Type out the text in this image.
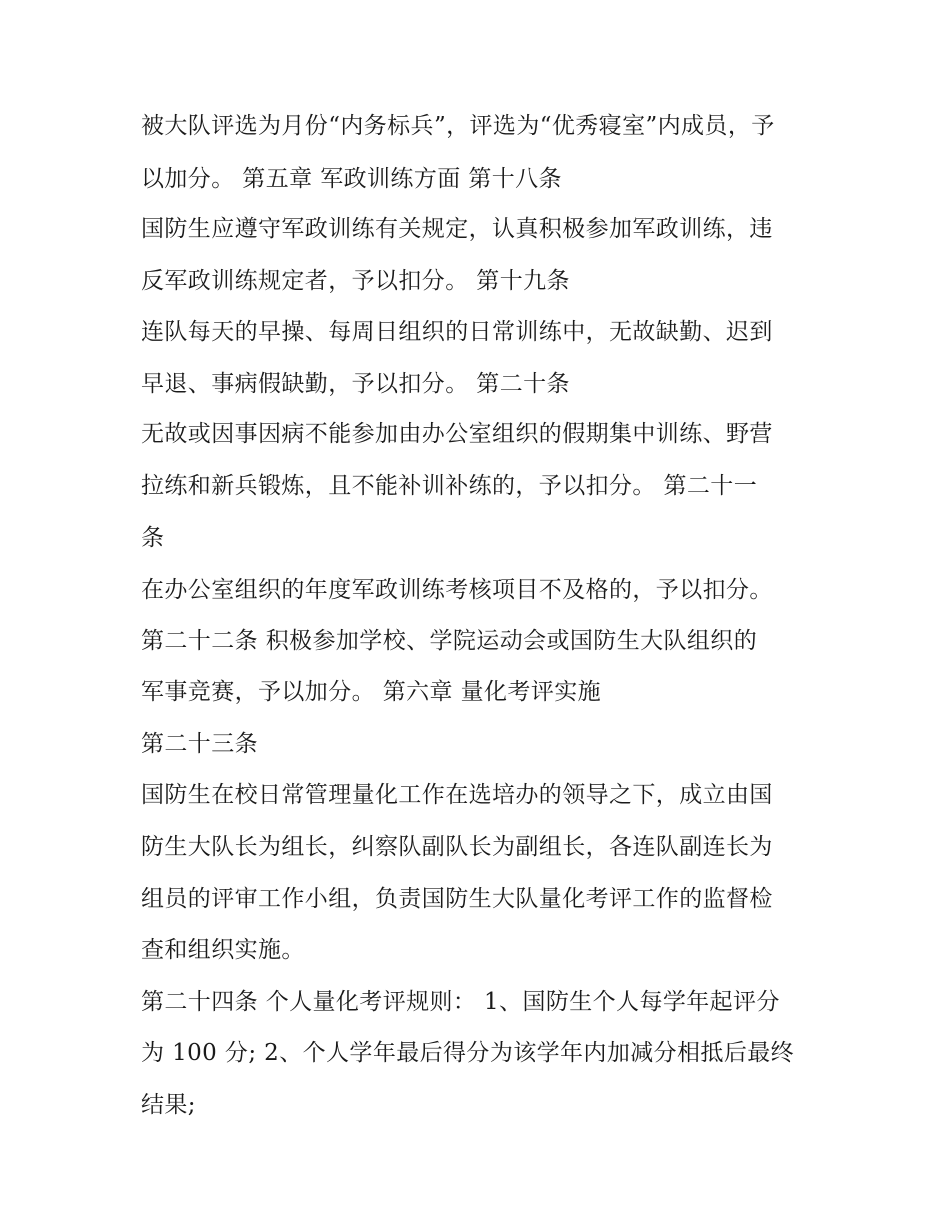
被大队评选为月份“内务标兵”，评选为“优秀寝室”内成员，予

以加分。 第五章 军政训练方面 第十八条

国防生应遵守军政训练有关规定，认真积极参加军政训练，违

反军政训练规定者，予以扣分。 第十九条

连队每天的早操、每周日组织的日常训练中，无故缺勤、迟到

早退、事病假缺勤，予以扣分。 第二十条

无故或因事因病不能参加由办公室组织的假期集中训练、野营

拉练和新兵锻炼，且不能补训补练的，予以扣分。 第二十一

条

在办公室组织的年度军政训练考核项目不及格的，予以扣分。

第二十二条 积极参加学校、学院运动会或国防生大队组织的

军事竞赛，予以加分。 第六章 量化考评实施

第二十三条

国防生在校日常管理量化工作在选培办的领导之下，成立由国

防生大队长为组长，纠察队副队长为副组长，各连队副连长为

组员的评审工作小组，负责国防生大队量化考评工作的监督检

查和组织实施。

第二十四条 个人量化考评规则： 1、国防生个人每学年起评分

为 100 分; 2、个人学年最后得分为该学年内加减分相抵后最终

结果;
